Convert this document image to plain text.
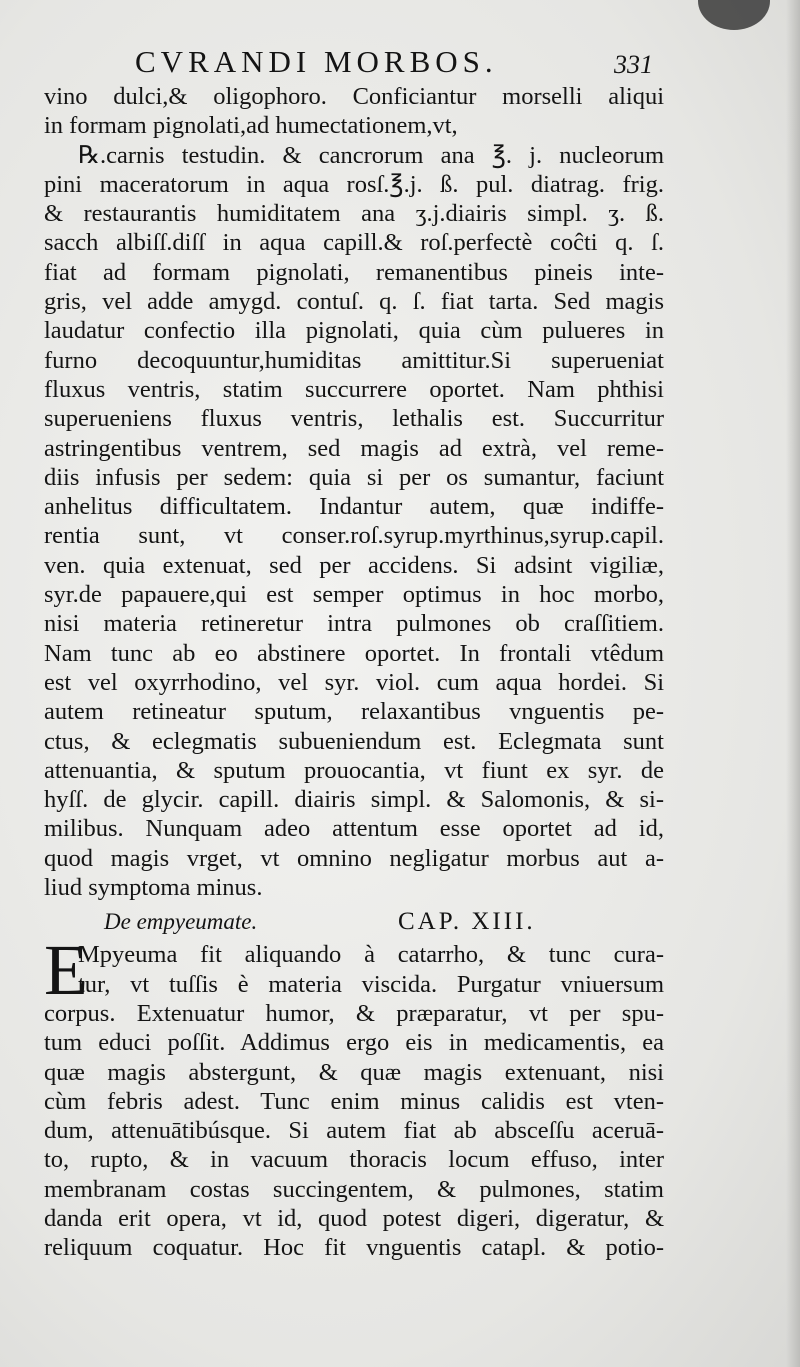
CVRANDI MORBOS.	331
vino dulci,& oligophoro. Conficiantur morselli aliqui
in formam pignolati,ad humectationem,vt,
℞.carnis testudin. & cancrorum ana ℥. j. nucleorum
pini maceratorum in aqua rosſ.℥.j. ß. pul. diatrag. frig.
& restaurantis humiditatem ana ʒ.j.diairis simpl. ʒ. ß.
sacch albiſſ.diſſ in aqua capill.& roſ.perfectè coĉti q. ſ.
fiat ad formam pignolati, remanentibus pineis inte-
gris, vel adde amygd. contuſ. q. ſ. fiat tarta. Sed magis
laudatur confectio illa pignolati, quia cùm pulueres in
furno decoquuntur,humiditas amittitur.Si superueniat
fluxus ventris, statim succurrere oportet. Nam phthisi
superueniens fluxus ventris, lethalis est. Succurritur
astringentibus ventrem, sed magis ad extrà, vel reme-
diis infusis per sedem: quia si per os sumantur, faciunt
anhelitus difficultatem. Indantur autem, quæ indiffe-
rentia sunt, vt conser.roſ.syrup.myrthinus,syrup.capil.
ven. quia extenuat, sed per accidens. Si adsint vigiliæ,
syr.de papauere,qui est semper optimus in hoc morbo,
nisi materia retineretur intra pulmones ob craſſitiem.
Nam tunc ab eo abstinere oportet. In frontali vtêdum
est vel oxyrrhodino, vel syr. viol. cum aqua hordei. Si
autem retineatur sputum, relaxantibus vnguentis pe-
ctus, & eclegmatis subueniendum est. Eclegmata sunt
attenuantia, & sputum prouocantia, vt fiunt ex syr. de
hyſſ. de glycir. capill. diairis simpl. & Salomonis, & si-
milibus. Nunquam adeo attentum esse oportet ad id,
quod magis vrget, vt omnino negligatur morbus aut a-
liud symptoma minus.
De empyeumate.	CAP. XIII.
E
Mpyeuma fit aliquando à catarrho, & tunc cura-
tur, vt tuſſis è materia viscida. Purgatur vniuersum
corpus. Extenuatur humor, & præparatur, vt per spu-
tum educi poſſit. Addimus ergo eis in medicamentis, ea
quæ magis abstergunt, & quæ magis extenuant, nisi
cùm febris adest. Tunc enim minus calidis est vten-
dum, attenuātibúsque. Si autem fiat ab absceſſu aceruā-
to, rupto, & in vacuum thoracis locum effuso, inter
membranam costas succingentem, & pulmones, statim
danda erit opera, vt id, quod potest digeri, digeratur, &
reliquum coquatur. Hoc fit vnguentis catapl. & potio-
